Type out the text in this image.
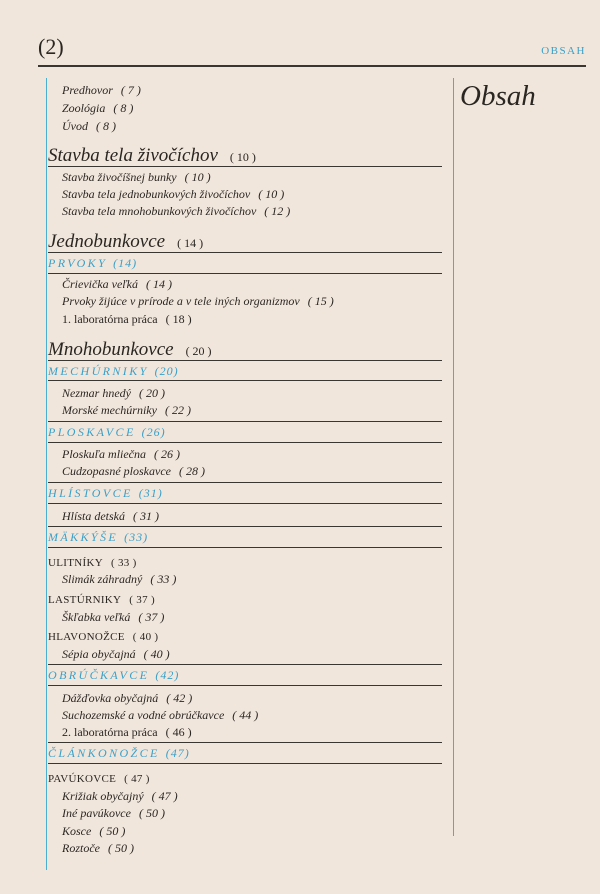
(2)	OBSAH
Obsah
Predhovor ( 7 )
Zoológia ( 8 )
Úvod ( 8 )
Stavba tela živočíchov ( 10 )
Stavba živočíšnej bunky ( 10 )
Stavba tela jednobunkových živočíchov ( 10 )
Stavba tela mnohobunkových živočíchov ( 12 )
Jednobunkovce ( 14 )
PRVOKY (14)
Črievička veľká ( 14 )
Prvoky žijúce v prírode a v tele iných organizmov ( 15 )
1. laboratórna práca ( 18 )
Mnohobunkovce ( 20 )
MECHÚRNIKY (20)
Nezmar hnedý ( 20 )
Morské mechúrniky ( 22 )
PLOSKAVCE (26)
Ploskuľa mliečna ( 26 )
Cudzopasné ploskavce ( 28 )
HLÍSTOVCE (31)
Hlísta detská ( 31 )
MÄKKÝŠE (33)
ULITNÍKY ( 33 )
Slimák záhradný ( 33 )
LASTÚRNIKY ( 37 )
Škľabka veľká ( 37 )
HLAVONOŽCE ( 40 )
Sépia obyčajná ( 40 )
OBRÚČKAVCE (42)
Dážďovka obyčajná ( 42 )
Suchozemské a vodné obrúčkavce ( 44 )
2. laboratórna práca ( 46 )
ČLÁNKONOŽCE (47)
PAVÚKOVCE ( 47 )
Križiak obyčajný ( 47 )
Iné pavúkovce ( 50 )
Kosce ( 50 )
Roztoče ( 50 )
